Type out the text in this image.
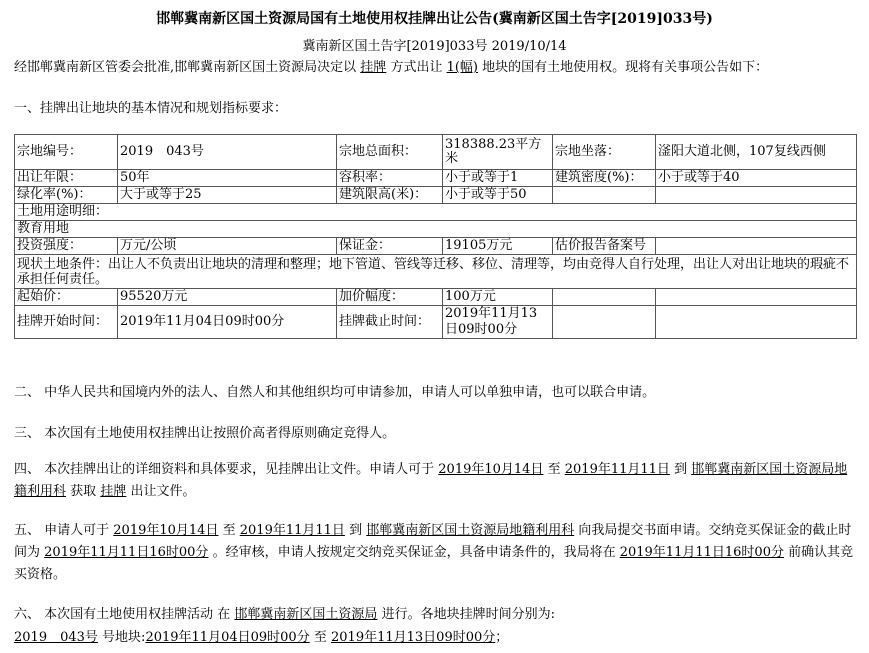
邯郸冀南新区国土资源局国有土地使用权挂牌出让公告(冀南新区国土告字[2019]033号)
冀南新区国土告字[2019]033号 2019/10/14
经邯郸冀南新区管委会批准,邯郸冀南新区国土资源局决定以 挂牌 方式出让 1(幅) 地块的国有土地使用权。现将有关事项公告如下：
一、挂牌出让地块的基本情况和规划指标要求：
宗地编号：	2019　043号	宗地总面积：	318388.23平方米	宗地坐落：	滏阳大道北侧，107复线西侧
出让年限：	50年	容积率：	小于或等于1	建筑密度(%)：	小于或等于40
绿化率(%)：	大于或等于25	建筑限高(米)：	小于或等于50		
土地用途明细：					
教育用地					
投资强度：	万元/公顷	保证金：	19105万元	估价报告备案号	
现状土地条件：出让人不负责出让地块的清理和整理；地下管道、管线等迁移、移位、清理等，均由竞得人自行处理，出让人对出让地块的瑕疵不承担任何责任。					
起始价：	95520万元	加价幅度：	100万元		
挂牌开始时间：	2019年11月04日09时00分	挂牌截止时间：	2019年11月13日09时00分		
二、 中华人民共和国境内外的法人、自然人和其他组织均可申请参加，申请人可以单独申请，也可以联合申请。
三、 本次国有土地使用权挂牌出让按照价高者得原则确定竞得人。
四、 本次挂牌出让的详细资料和具体要求，见挂牌出让文件。申请人可于 2019年10月14日 至 2019年11月11日 到 邯郸冀南新区国土资源局地籍利用科 获取 挂牌 出让文件。
五、 申请人可于 2019年10月14日 至 2019年11月11日 到 邯郸冀南新区国土资源局地籍利用科 向我局提交书面申请。交纳竞买保证金的截止时间为 2019年11月11日16时00分 。经审核，申请人按规定交纳竞买保证金，具备申请条件的，我局将在 2019年11月11日16时00分 前确认其竞买资格。
六、 本次国有土地使用权挂牌活动 在 邯郸冀南新区国土资源局 进行。各地块挂牌时间分别为:
2019　043号 号地块:2019年11月04日09时00分 至 2019年11月13日09时00分；
